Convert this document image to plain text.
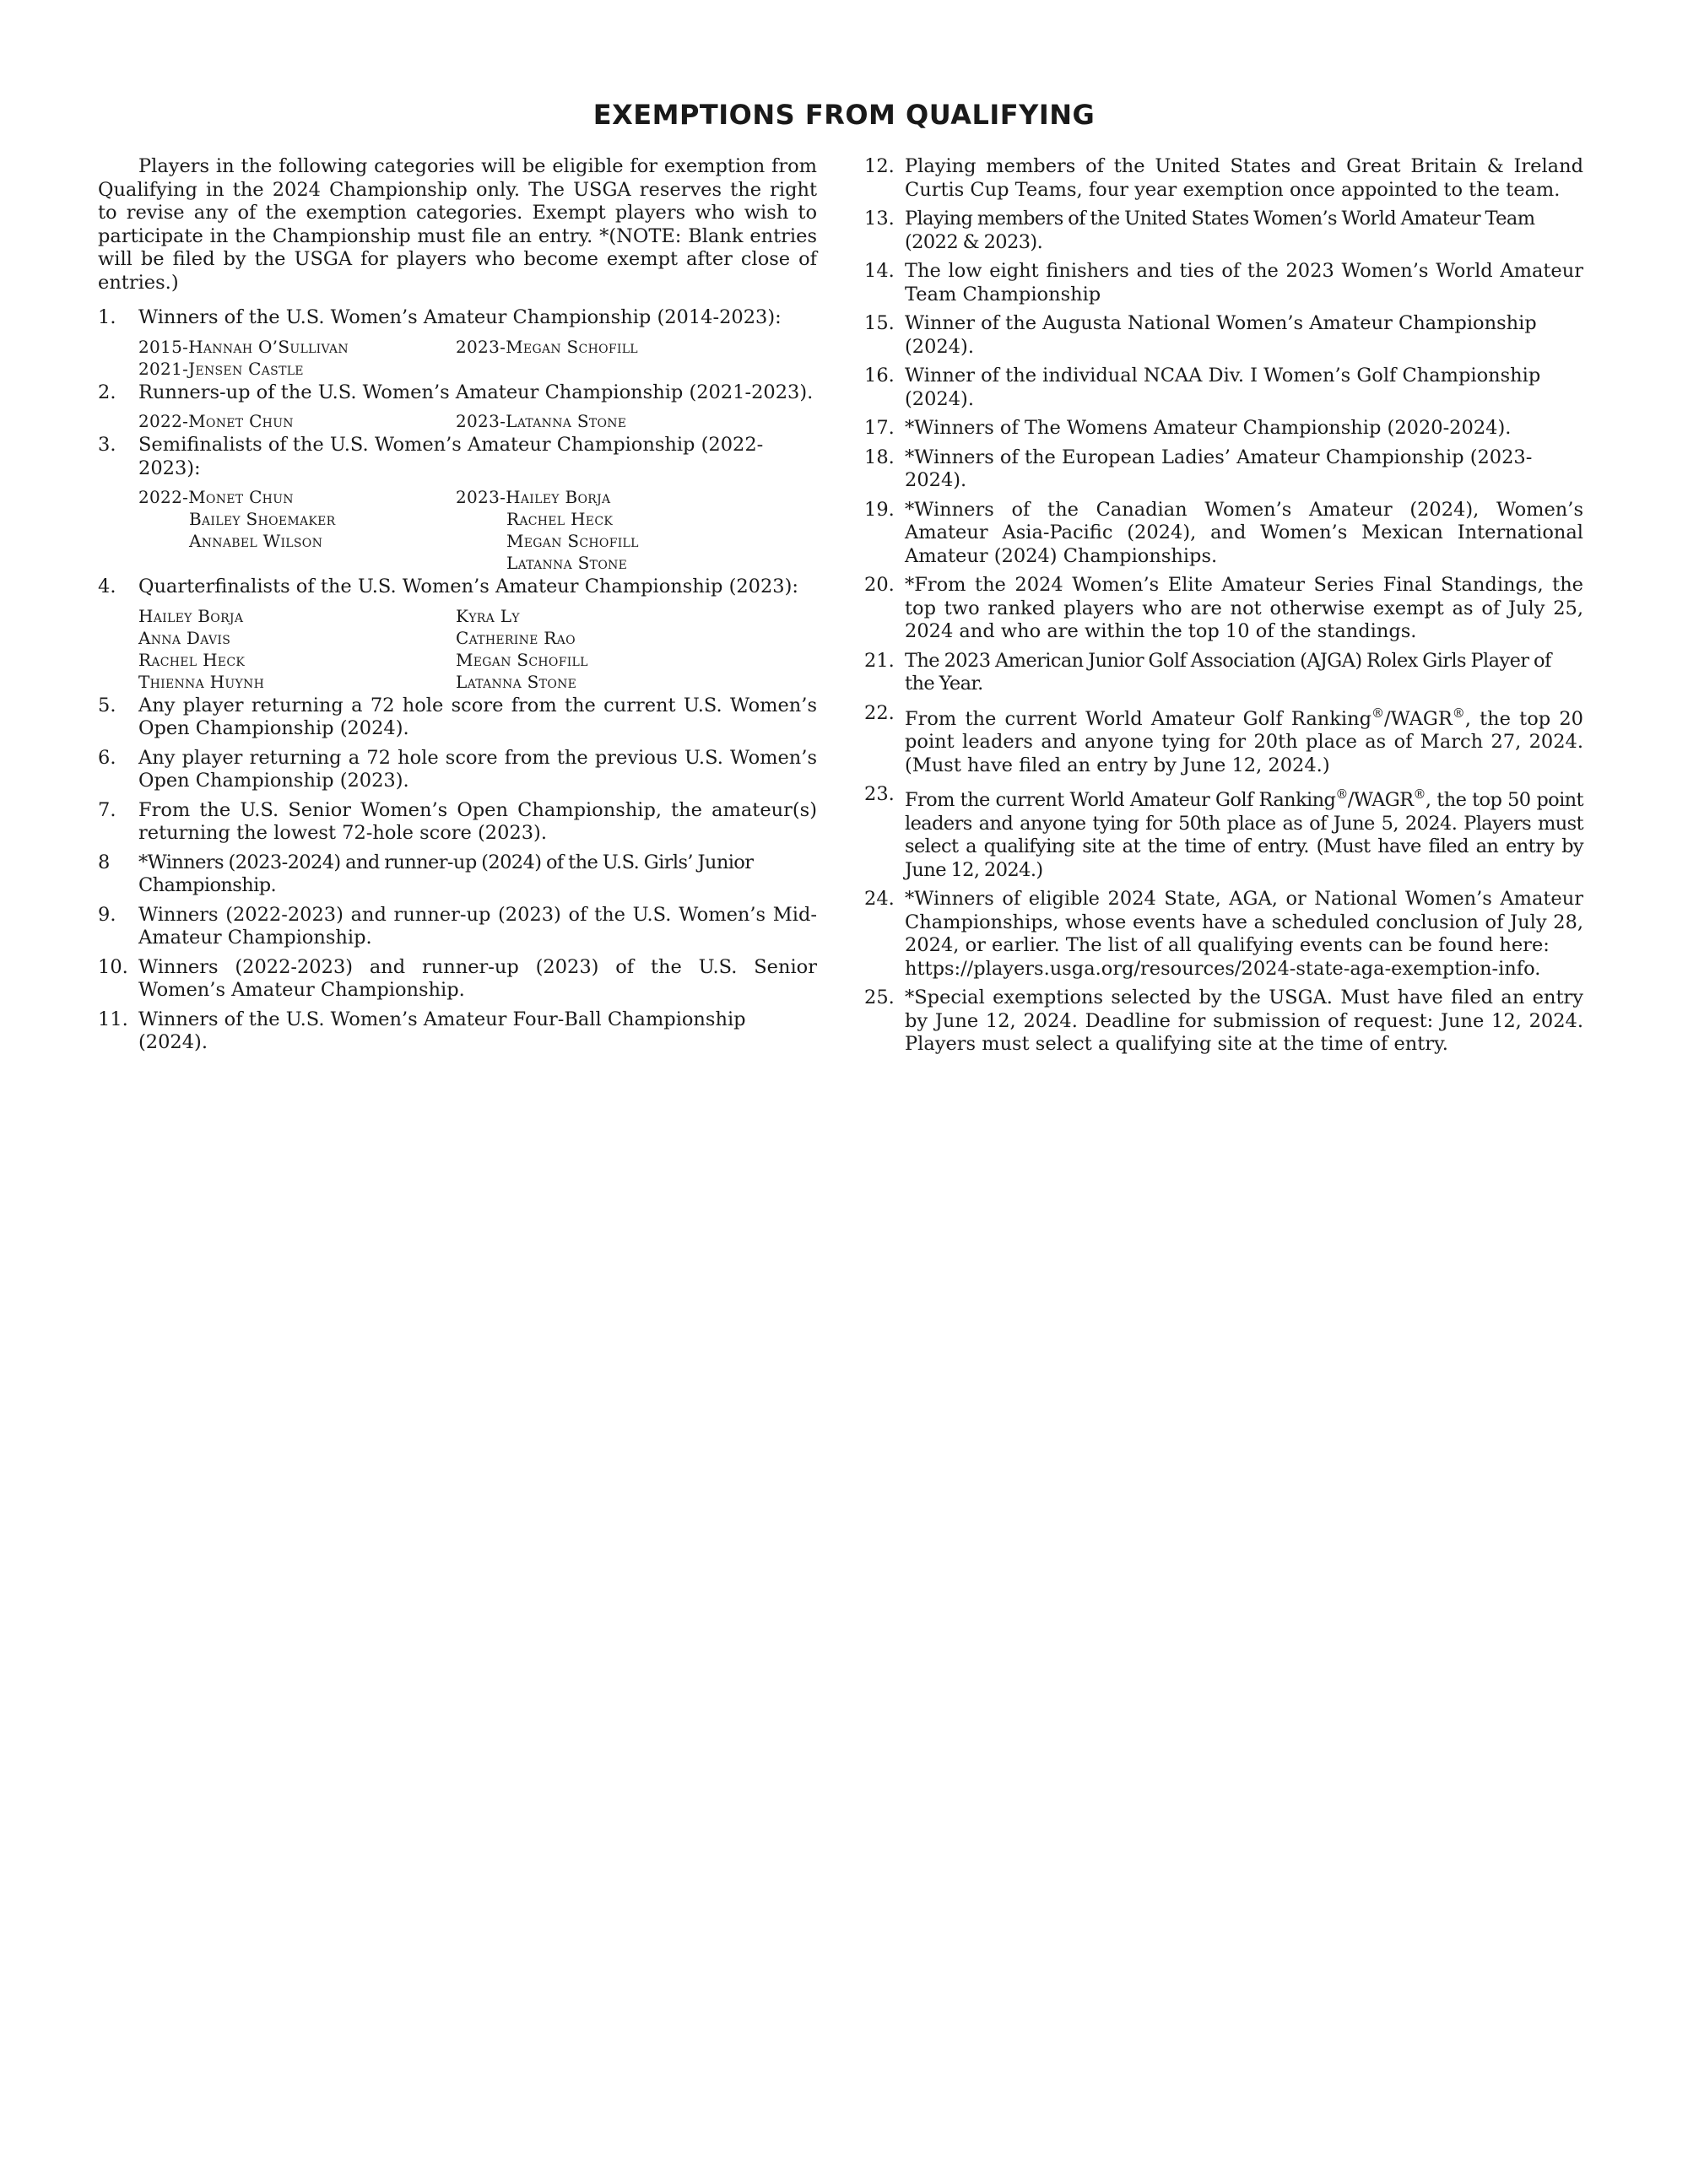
EXEMPTIONS FROM QUALIFYING

Players in the following categories will be eligible for exemption from Qualifying in the 2024 Championship only. The USGA reserves the right to revise any of the exemption categories. Exempt players who wish to participate in the Championship must file an entry. *(NOTE: Blank entries will be filed by the USGA for players who become exempt after close of entries.)

1.	Winners of the U.S. Women’s Amateur Championship (2014-2023):
2015-Hannah O’Sullivan	2023-Megan Schofill
2021-Jensen Castle
2.	Runners-up of the U.S. Women’s Amateur Championship (2021-2023).
2022-Monet Chun	2023-Latanna Stone
3.	Semifinalists of the U.S. Women’s Amateur Championship (2022-2023):
2022-Monet Chun	2023-Hailey Borja
Bailey Shoemaker	Rachel Heck
Annabel Wilson	Megan Schofill
Latanna Stone
4.	Quarterfinalists of the U.S. Women’s Amateur Championship (2023):
Hailey Borja	Kyra Ly
Anna Davis	Catherine Rao
Rachel Heck	Megan Schofill
Thienna Huynh	Latanna Stone
5.	Any player returning a 72 hole score from the current U.S. Women’s Open Championship (2024).
6.	Any player returning a 72 hole score from the previous U.S. Women’s Open Championship (2023).
7.	From the U.S. Senior Women’s Open Championship, the amateur(s) returning the lowest 72-hole score (2023).
8	*Winners (2023-2024) and runner-up (2024) of the U.S. Girls’ Junior Championship.
9.	Winners (2022-2023) and runner-up (2023) of the U.S. Women’s Mid-Amateur Championship.
10. Winners (2022-2023) and runner-up (2023) of the U.S. Senior Women’s Amateur Championship.
11. Winners of the U.S. Women’s Amateur Four-Ball Championship (2024).
12. Playing members of the United States and Great Britain & Ireland Curtis Cup Teams, four year exemption once appointed to the team.
13. Playing members of the United States Women’s World Amateur Team (2022 & 2023).
14. The low eight finishers and ties of the 2023 Women’s World Amateur Team Championship
15. Winner of the Augusta National Women’s Amateur Championship (2024).
16. Winner of the individual NCAA Div. I Women’s Golf Championship (2024).
17. *Winners of The Womens Amateur Championship (2020-2024).
18. *Winners of the European Ladies’ Amateur Championship (2023-2024).
19. *Winners of the Canadian Women’s Amateur (2024), Women’s Amateur Asia-Pacific (2024), and Women’s Mexican International Amateur (2024) Championships.
20. *From the 2024 Women’s Elite Amateur Series Final Standings, the top two ranked players who are not otherwise exempt as of July 25, 2024 and who are within the top 10 of the standings.
21. The 2023 American Junior Golf Association (AJGA) Rolex Girls Player of the Year.
22. From the current World Amateur Golf Ranking®/WAGR®, the top 20 point leaders and anyone tying for 20th place as of March 27, 2024. (Must have filed an entry by June 12, 2024.)
23. From the current World Amateur Golf Ranking®/WAGR®, the top 50 point leaders and anyone tying for 50th place as of June 5, 2024. Players must select a qualifying site at the time of entry. (Must have filed an entry by June 12, 2024.)
24. *Winners of eligible 2024 State, AGA, or National Women’s Amateur Championships, whose events have a scheduled conclusion of July 28, 2024, or earlier. The list of all qualifying events can be found here:
https://players.usga.org/resources/2024-state-aga-exemption-info.
25. *Special exemptions selected by the USGA. Must have filed an entry by June 12, 2024. Deadline for submission of request: June 12, 2024. Players must select a qualifying site at the time of entry.
